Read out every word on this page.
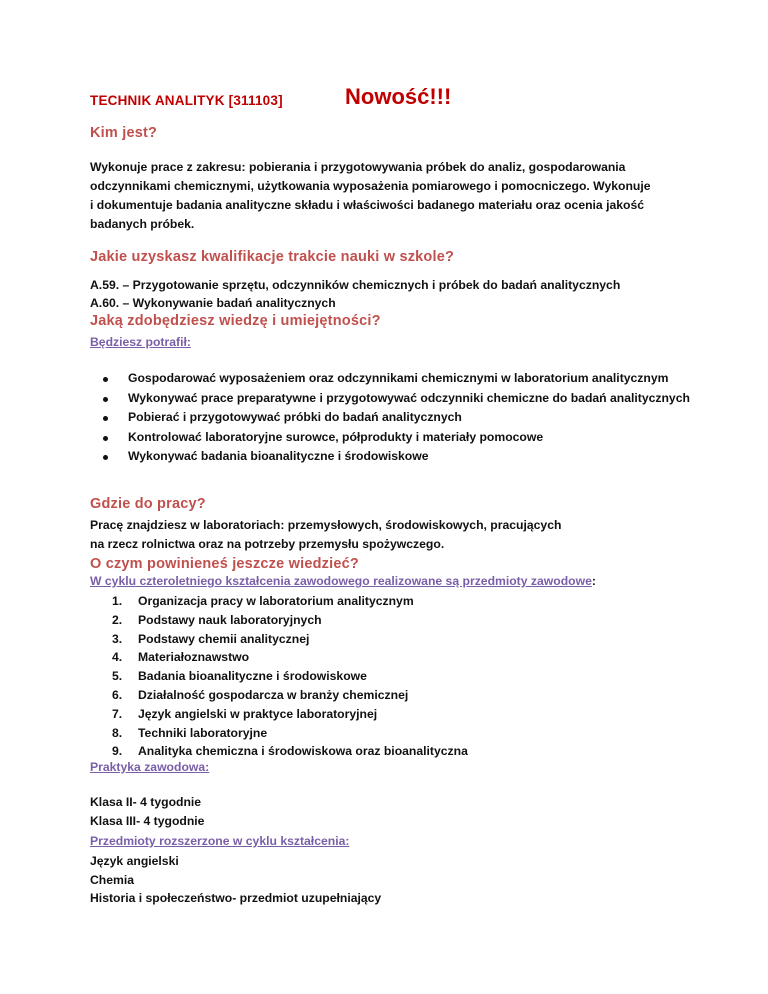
TECHNIK ANALITYK [311103]	Nowość!!!
Kim jest?
Wykonuje prace z zakresu: pobierania i przygotowywania próbek do analiz, gospodarowania
odczynnikami chemicznymi, użytkowania wyposażenia pomiarowego i pomocniczego. Wykonuje
i dokumentuje badania analityczne składu i właściwości badanego materiału oraz ocenia jakość
badanych próbek.
Jakie uzyskasz kwalifikacje trakcie nauki w szkole?
A.59. – Przygotowanie sprzętu, odczynników chemicznych i próbek do badań analitycznych
A.60. – Wykonywanie badań analitycznych
Jaką zdobędziesz wiedzę i umiejętności?
Będziesz potrafił:
Gospodarować wyposażeniem oraz odczynnikami chemicznymi w laboratorium analitycznym
Wykonywać prace preparatywne i przygotowywać odczynniki chemiczne do badań analitycznych
Pobierać i przygotowywać próbki do badań analitycznych
Kontrolować laboratoryjne surowce, półprodukty i materiały pomocowe
Wykonywać badania bioanalityczne i środowiskowe
Gdzie do pracy?
Pracę znajdziesz w laboratoriach: przemysłowych, środowiskowych, pracujących
na rzecz rolnictwa oraz na potrzeby przemysłu spożywczego.
O czym powinieneś jeszcze wiedzieć?
W cyklu czteroletniego kształcenia zawodowego realizowane są przedmioty zawodowe:
1. Organizacja pracy w laboratorium analitycznym
2. Podstawy nauk laboratoryjnych
3. Podstawy chemii analitycznej
4. Materiałoznawstwo
5. Badania bioanalityczne i środowiskowe
6. Działalność gospodarcza w branży chemicznej
7. Język angielski w praktyce laboratoryjnej
8. Techniki laboratoryjne
9. Analityka chemiczna i środowiskowa oraz bioanalityczna
Praktyka zawodowa:
Klasa II- 4 tygodnie
Klasa III- 4 tygodnie
Przedmioty rozszerzone w cyklu kształcenia:
Język angielski
Chemia
Historia i społeczeństwo- przedmiot uzupełniający
